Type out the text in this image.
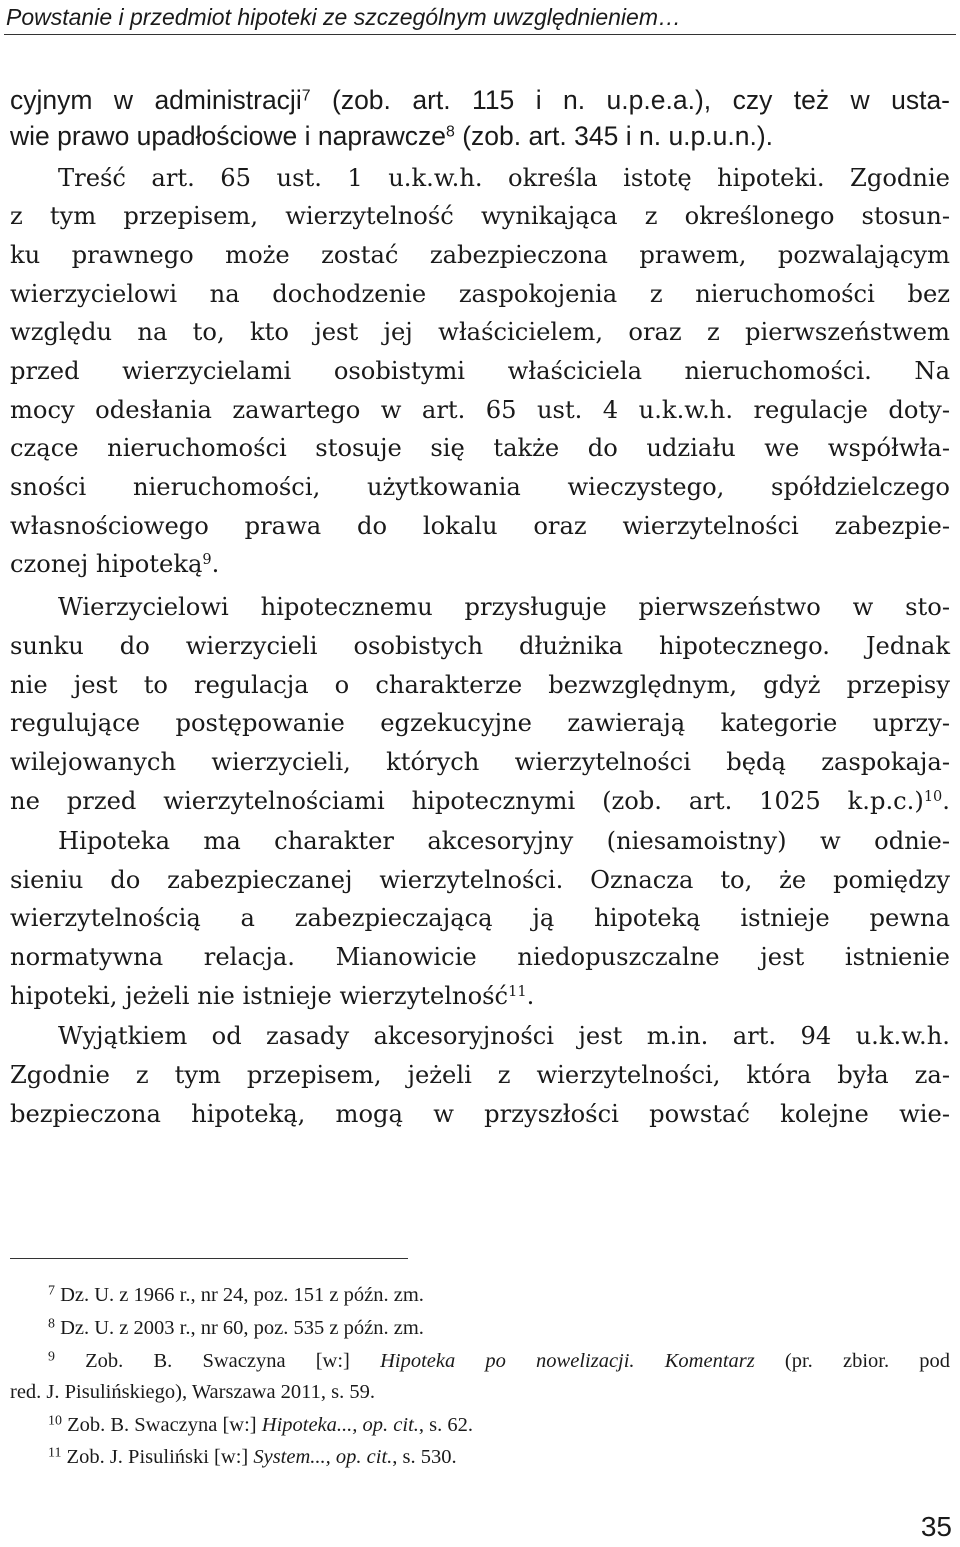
Powstanie i przedmiot hipoteki ze szczególnym uwzględnieniem…
cyjnym w administracji$^7$ (zob. art. 115 i n. u.p.e.a.), czy też w usta-
wie prawo upadłościowe i naprawcze$^8$ (zob. art. 345 i n. u.p.u.n.).
Treść art. 65 ust. 1 u.k.w.h. określa istotę hipoteki. Zgodnie
z tym przepisem, wierzytelność wynikająca z określonego stosun-
ku prawnego może zostać zabezpieczona prawem, pozwalającym
wierzycielowi na dochodzenie zaspokojenia z nieruchomości bez
względu na to, kto jest jej właścicielem, oraz z pierwszeństwem
przed wierzycielami osobistymi właściciela nieruchomości. Na
mocy odesłania zawartego w art. 65 ust. 4 u.k.w.h. regulacje doty-
czące nieruchomości stosuje się także do udziału we współwła-
sności nieruchomości, użytkowania wieczystego, spółdzielczego
własnościowego prawa do lokalu oraz wierzytelności zabezpie-
czonej hipoteką$^9$.
Wierzycielowi hipotecznemu przysługuje pierwszeństwo w sto-
sunku do wierzycieli osobistych dłużnika hipotecznego. Jednak
nie jest to regulacja o charakterze bezwzględnym, gdyż przepisy
regulujące postępowanie egzekucyjne zawierają kategorie uprzy-
wilejowanych wierzycieli, których wierzytelności będą zaspokaja-
ne przed wierzytelnościami hipotecznymi (zob. art. 1025 k.p.c.)$^{10}$.
Hipoteka ma charakter akcesoryjny (niesamoistny) w odnie-
sieniu do zabezpieczanej wierzytelności. Oznacza to, że pomiędzy
wierzytelnością a zabezpieczającą ją hipoteką istnieje pewna
normatywna relacja. Mianowicie niedopuszczalne jest istnienie
hipoteki, jeżeli nie istnieje wierzytelność$^{11}$.
Wyjątkiem od zasady akcesoryjności jest m.in. art. 94 u.k.w.h.
Zgodnie z tym przepisem, jeżeli z wierzytelności, która była za-
bezpieczona hipoteką, mogą w przyszłości powstać kolejne wie-
$^7$ Dz. U. z 1966 r., nr 24, poz. 151 z późn. zm.
$^8$ Dz. U. z 2003 r., nr 60, poz. 535 z późn. zm.
$^9$ Zob. B. Swaczyna [w:] Hipoteka po nowelizacji. Komentarz (pr. zbior. pod
red. J. Pisulińskiego), Warszawa 2011, s. 59.
$^{10}$ Zob. B. Swaczyna [w:] Hipoteka..., op. cit., s. 62.
$^{11}$ Zob. J. Pisuliński [w:] System..., op. cit., s. 530.
35
